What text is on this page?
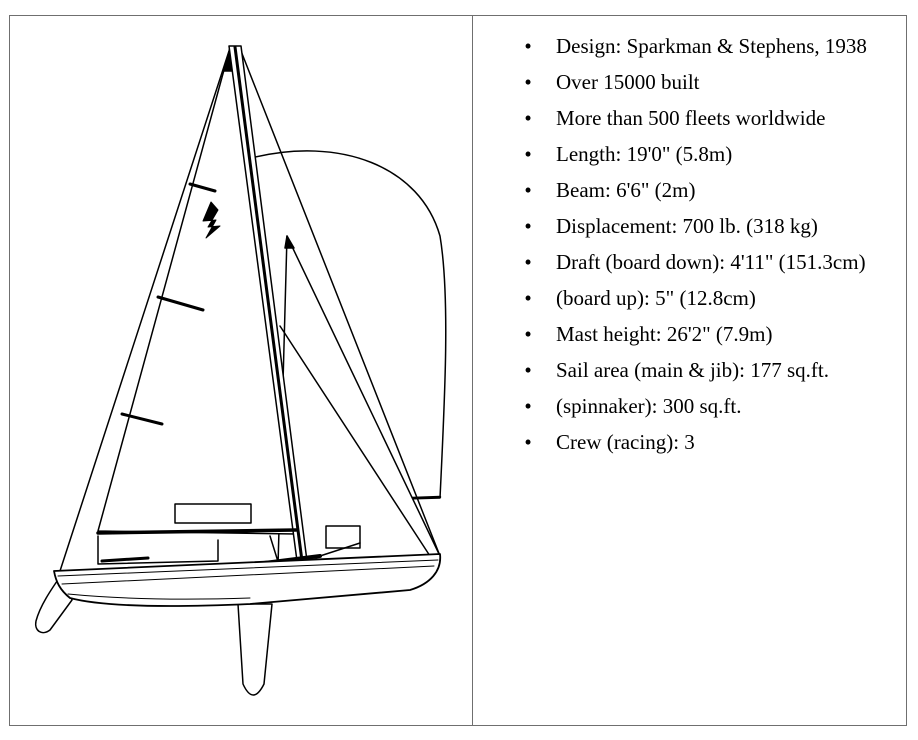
• Design: Sparkman & Stephens, 1938
• Over 15000 built
• More than 500 fleets worldwide
• Length: 19'0" (5.8m)
• Beam: 6'6" (2m)
• Displacement: 700 lb. (318 kg)
• Draft (board down): 4'11" (151.3cm)
• (board up): 5" (12.8cm)
• Mast height: 26'2" (7.9m)
• Sail area (main & jib): 177 sq.ft.
• (spinnaker): 300 sq.ft.
• Crew (racing): 3
